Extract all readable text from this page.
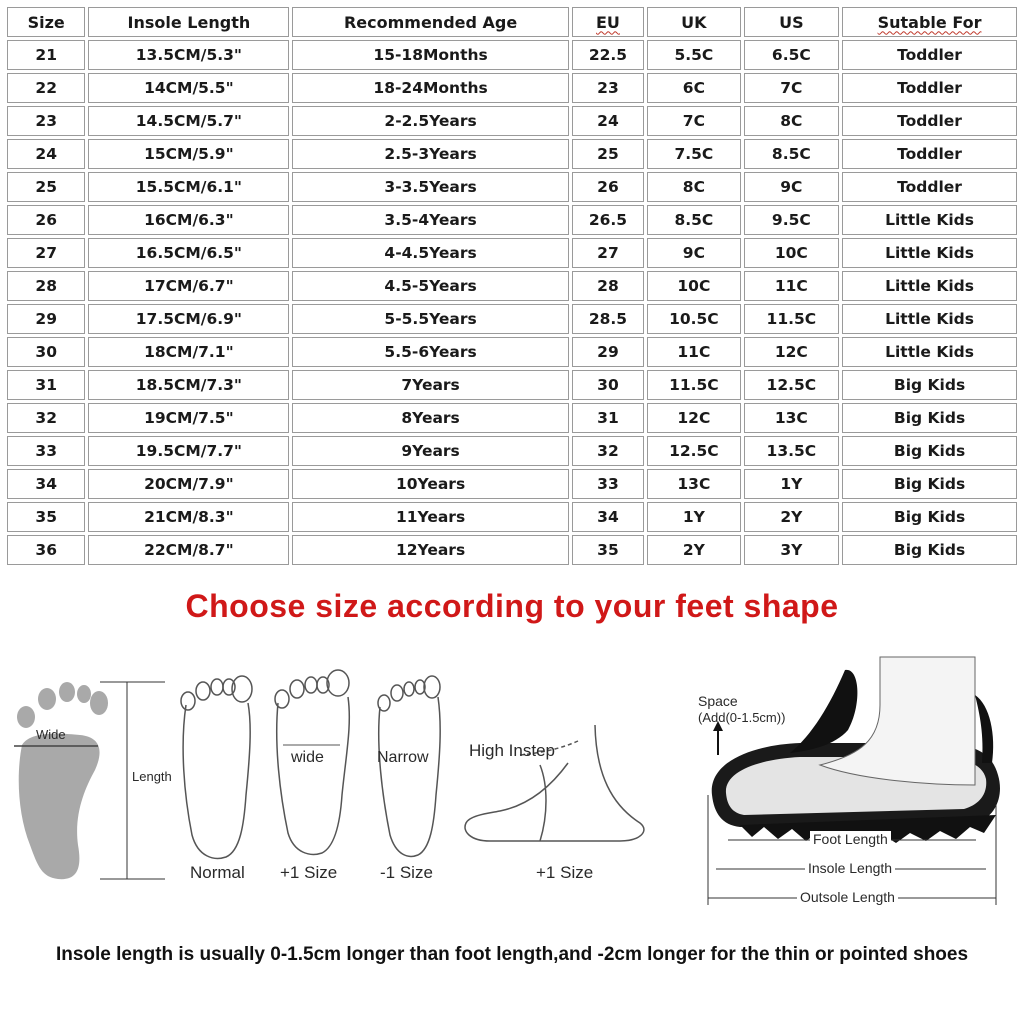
Size	Insole Length	Recommended Age	EU	UK	US	Sutable For
21	13.5CM/5.3"	15-18Months	22.5	5.5C	6.5C	Toddler
22	14CM/5.5"	18-24Months	23	6C	7C	Toddler
23	14.5CM/5.7"	2-2.5Years	24	7C	8C	Toddler
24	15CM/5.9"	2.5-3Years	25	7.5C	8.5C	Toddler
25	15.5CM/6.1"	3-3.5Years	26	8C	9C	Toddler
26	16CM/6.3"	3.5-4Years	26.5	8.5C	9.5C	Little Kids
27	16.5CM/6.5"	4-4.5Years	27	9C	10C	Little Kids
28	17CM/6.7"	4.5-5Years	28	10C	11C	Little Kids
29	17.5CM/6.9"	5-5.5Years	28.5	10.5C	11.5C	Little Kids
30	18CM/7.1"	5.5-6Years	29	11C	12C	Little Kids
31	18.5CM/7.3"	7Years	30	11.5C	12.5C	Big Kids
32	19CM/7.5"	8Years	31	12C	13C	Big Kids
33	19.5CM/7.7"	9Years	32	12.5C	13.5C	Big Kids
34	20CM/7.9"	10Years	33	13C	1Y	Big Kids
35	21CM/8.3"	11Years	34	1Y	2Y	Big Kids
36	22CM/8.7"	12Years	35	2Y	3Y	Big Kids
Choose size according to your feet shape
Wide
Length
wide	Narrow
Normal +1 Size	-1 Size
High Instep
+1 Size
Space
(Add(0-1.5cm))
Foot Length
Insole Length
Outsole Length
Insole length is usually 0-1.5cm longer than foot length,and -2cm longer for the thin or pointed shoes
